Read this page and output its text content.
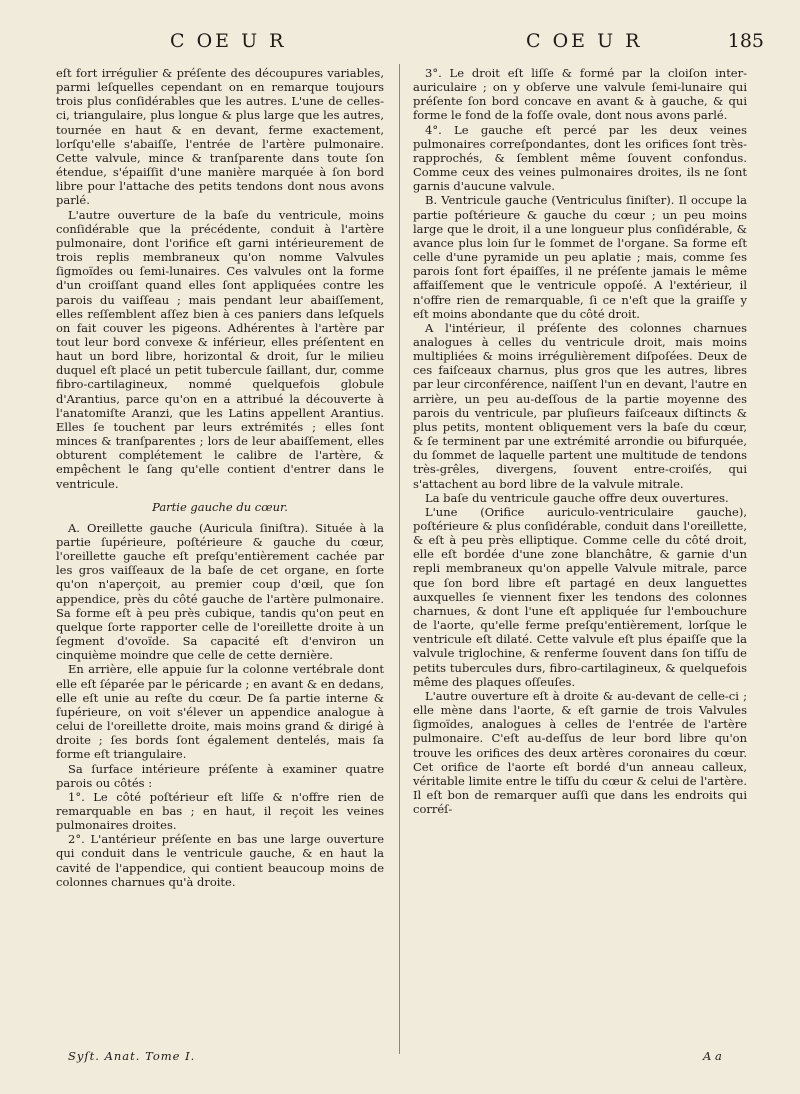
C OE U R	C OE U R	185

eſt fort irrégulier & préſente des découpures variables, parmi leſquelles cependant on en remarque toujours trois plus conſidérables que les autres. L'une de celles-ci, triangulaire, plus longue & plus large que les autres, tournée en haut & en devant, ferme exactement, lorſqu'elle s'abaiſſe, l'entrée de l'artère pulmonaire. Cette valvule, mince & tranſparente dans toute ſon étendue, s'épaiſſit d'une manière marquée à ſon bord libre pour l'attache des petits tendons dont nous avons parlé.

L'autre ouverture de la baſe du ventricule, moins conſidérable que la précédente, conduit à l'artère pulmonaire, dont l'orifice eſt garni intérieurement de trois replis membraneux qu'on nomme Valvules ſigmoïdes ou ſemi-lunaires. Ces valvules ont la forme d'un croiſſant quand elles ſont appliquées contre les parois du vaiſſeau ; mais pendant leur abaiſſement, elles reſſemblent aſſez bien à ces paniers dans leſquels on fait couver les pigeons. Adhérentes à l'artère par tout leur bord convexe & inférieur, elles préſentent en haut un bord libre, horizontal & droit, ſur le milieu duquel eſt placé un petit tubercule ſaillant, dur, comme fibro-cartilagineux, nommé quelquefois globule d'Arantius, parce qu'on en a attribué la découverte à l'anatomiſte Aranzi, que les Latins appellent Arantius. Elles ſe touchent par leurs extrémités ; elles ſont minces & tranſparentes ; lors de leur abaiſſement, elles obturent complétement le calibre de l'artère, & empêchent le ſang qu'elle contient d'entrer dans le ventricule.

Partie gauche du cœur.

A. Oreillette gauche (Auricula ſiniſtra). Située à la partie ſupérieure, poſtérieure & gauche du cœur, l'oreillette gauche eſt preſqu'entièrement cachée par les gros vaiſſeaux de la baſe de cet organe, en ſorte qu'on n'aperçoit, au premier coup d'œil, que ſon appendice, près du côté gauche de l'artère pulmonaire. Sa forme eſt à peu près cubique, tandis qu'on peut en quelque ſorte rapporter celle de l'oreillette droite à un ſegment d'ovoïde. Sa capacité eſt d'environ un cinquième moindre que celle de cette dernière.

En arrière, elle appuie ſur la colonne vertébrale dont elle eſt ſéparée par le péricarde ; en avant & en dedans, elle eſt unie au reſte du cœur. De ſa partie interne & ſupérieure, on voit s'élever un appendice analogue à celui de l'oreillette droite, mais moins grand & dirigé à droite ; ſes bords ſont également dentelés, mais ſa forme eſt triangulaire.

Sa ſurface intérieure préſente à examiner quatre parois ou côtés :

1°. Le côté poſtérieur eſt liſſe & n'offre rien de remarquable en bas ; en haut, il reçoit les veines pulmonaires droites.

2°. L'antérieur préſente en bas une large ouverture qui conduit dans le ventricule gauche, & en haut la cavité de l'appendice, qui contient beaucoup moins de colonnes charnues qu'à droite.

3°. Le droit eſt liſſe & formé par la cloiſon inter-auriculaire ; on y obſerve une valvule ſemi-lunaire qui préſente ſon bord concave en avant & à gauche, & qui forme le fond de la foſſe ovale, dont nous avons parlé.

4°. Le gauche eſt percé par les deux veines pulmonaires correſpondantes, dont les orifices ſont très-rapprochés, & ſemblent même ſouvent confondus. Comme ceux des veines pulmonaires droites, ils ne ſont garnis d'aucune valvule.

B. Ventricule gauche (Ventriculus ſiniſter). Il occupe la partie poſtérieure & gauche du cœur ; un peu moins large que le droit, il a une longueur plus conſidérable, & avance plus loin ſur le ſommet de l'organe. Sa forme eſt celle d'une pyramide un peu aplatie ; mais, comme ſes parois ſont fort épaiſſes, il ne préſente jamais le même affaiſſement que le ventricule oppoſé. A l'extérieur, il n'offre rien de remarquable, ſi ce n'eſt que la graiſſe y eſt moins abondante que du côté droit.

A l'intérieur, il préſente des colonnes charnues analogues à celles du ventricule droit, mais moins multipliées & moins irrégulièrement diſpoſées. Deux de ces faiſceaux charnus, plus gros que les autres, libres par leur circonférence, naiſſent l'un en devant, l'autre en arrière, un peu au-deſſous de la partie moyenne des parois du ventricule, par pluſieurs faiſceaux diſtincts & plus petits, montent obliquement vers la baſe du cœur, & ſe terminent par une extrémité arrondie ou bifurquée, du ſommet de laquelle partent une multitude de tendons très-grêles, divergens, ſouvent entre-croiſés, qui s'attachent au bord libre de la valvule mitrale.

La baſe du ventricule gauche offre deux ouvertures.

L'une (Orifice auriculo-ventriculaire gauche), poſtérieure & plus conſidérable, conduit dans l'oreillette, & eſt à peu près elliptique. Comme celle du côté droit, elle eſt bordée d'une zone blanchâtre, & garnie d'un repli membraneux qu'on appelle Valvule mitrale, parce que ſon bord libre eſt partagé en deux languettes auxquelles ſe viennent fixer les tendons des colonnes charnues, & dont l'une eſt appliquée ſur l'embouchure de l'aorte, qu'elle ferme preſqu'entièrement, lorſque le ventricule eſt dilaté. Cette valvule eſt plus épaiſſe que la valvule triglochine, & renferme ſouvent dans ſon tiſſu de petits tubercules durs, fibro-cartilagineux, & quelquefois même des plaques oſſeuſes.

L'autre ouverture eſt à droite & au-devant de celle-ci ; elle mène dans l'aorte, & eſt garnie de trois Valvules ſigmoïdes, analogues à celles de l'entrée de l'artère pulmonaire. C'eſt au-deſſus de leur bord libre qu'on trouve les orifices des deux artères coronaires du cœur. Cet orifice de l'aorte eſt bordé d'un anneau calleux, véritable limite entre le tiſſu du cœur & celui de l'artère. Il eſt bon de remarquer auſſi que dans les endroits qui corréſ-

Syſt. Anat. Tome I.	A a
